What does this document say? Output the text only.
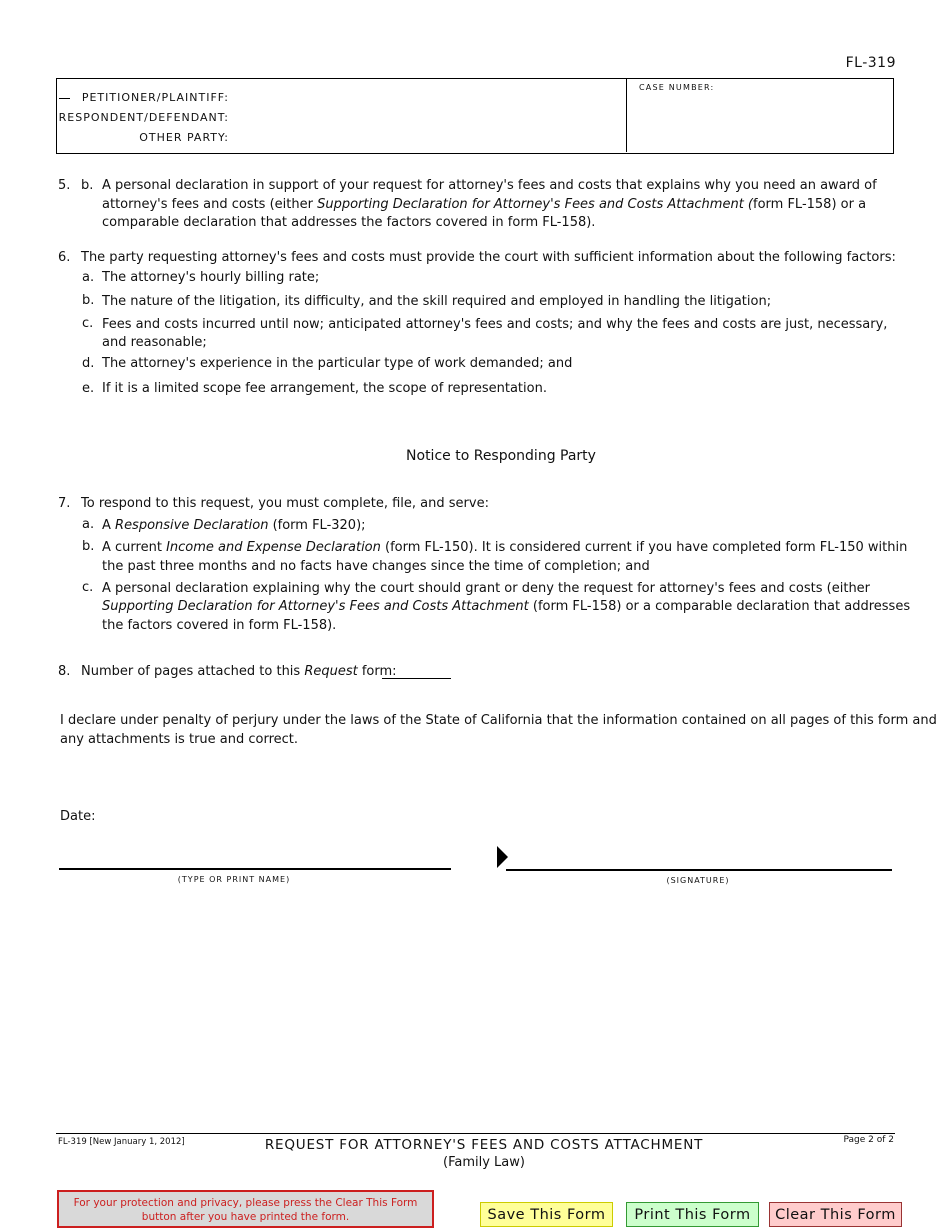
FL-319
PETITIONER/PLAINTIFF:
RESPONDENT/DEFENDANT:
OTHER PARTY:
CASE NUMBER:
5. b. A personal declaration in support of your request for attorney's fees and costs that explains why you need an award of
attorney's fees and costs (either Supporting Declaration for Attorney's Fees and Costs Attachment (form FL-158) or a
comparable declaration that addresses the factors covered in form FL-158).
6. The party requesting attorney's fees and costs must provide the court with sufficient information about the following factors:
a. The attorney's hourly billing rate;
b. The nature of the litigation, its difficulty, and the skill required and employed in handling the litigation;
c. Fees and costs incurred until now; anticipated attorney's fees and costs; and why the fees and costs are just, necessary,
and reasonable;
d. The attorney's experience in the particular type of work demanded; and
e. If it is a limited scope fee arrangement, the scope of representation.
Notice to Responding Party
7. To respond to this request, you must complete, file, and serve:
a. A Responsive Declaration (form FL-320);
b. A current Income and Expense Declaration (form FL-150). It is considered current if you have completed form FL-150 within
the past three months and no facts have changes since the time of completion; and
c. A personal declaration explaining why the court should grant or deny the request for attorney's fees and costs (either
Supporting Declaration for Attorney's Fees and Costs Attachment (form FL-158) or a comparable declaration that addresses
the factors covered in form FL-158).
8. Number of pages attached to this Request form:
I declare under penalty of perjury under the laws of the State of California that the information contained on all pages of this form and
any attachments is true and correct.
Date:
(TYPE OR PRINT NAME)	(SIGNATURE)
FL-319 [New January 1, 2012]	REQUEST FOR ATTORNEY'S FEES AND COSTS ATTACHMENT
(Family Law)
Page 2 of 2
For your protection and privacy, please press the Clear This Form
button after you have printed the form.	Save This Form	Print This Form	Clear This Form
